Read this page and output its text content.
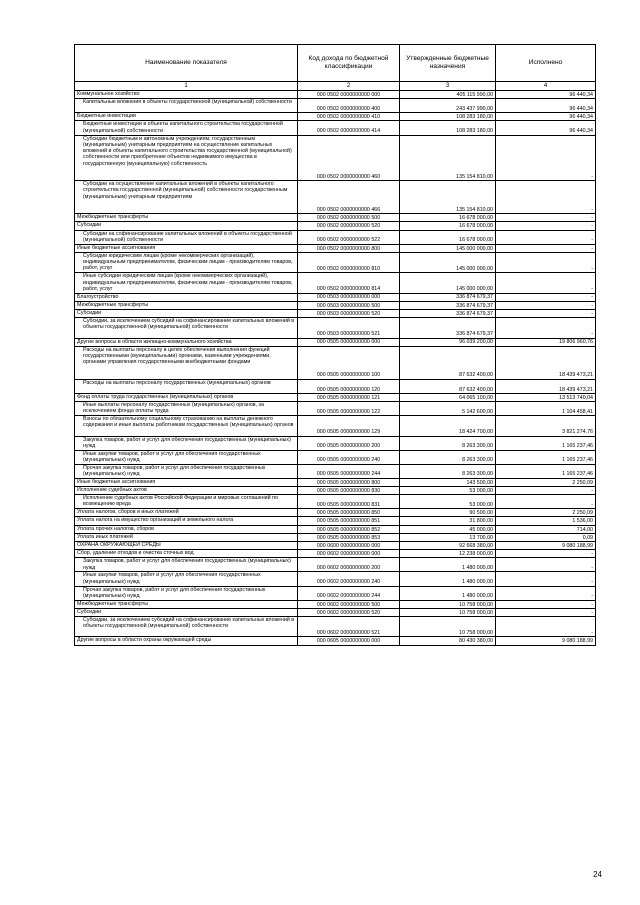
Наименование показателя	Код дохода по бюджетной классификации	Утвержденные бюджетные назначения	Исполнено
1	2	3	4
Коммунальное хозяйство	000 0502 0000000000 000	405 115 990,00	96 440,34
Капитальные вложения в объекты государственной (муниципальной) собственности	000 0502 0000000000 400	243 437 990,00	96 440,34
Бюджетные инвестиции	000 0502 0000000000 410	108 283 180,00	96 440,34
Бюджетные инвестиции в объекты капитального строительства государственной (муниципальной) собственности	000 0502 0000000000 414	108 283 180,00	96 440,34
Субсидии бюджетным и автономным учреждениям, государственным (муниципальным) унитарным предприятиям на осуществление капитальных вложений в объекты капитального строительства государственной (муниципальной) собственности или приобретение объектов недвижимого имущества в государственную (муниципальную) собственность	000 0502 0000000000 460	135 154 810,00	-
Субсидии на осуществление капитальных вложений в объекты капитального строительства государственной (муниципальной) собственности государственным (муниципальным) унитарным предприятиям	000 0502 0000000000 466	135 154 810,00	-
Межбюджетные трансферты	000 0502 0000000000 500	16 678 000,00	-
Субсидии	000 0502 0000000000 520	16 678 000,00	-
Субсидии на софинансирование капитальных вложений в объекты государственной (муниципальной) собственности	000 0502 0000000000 522	16 678 000,00	-
Иные бюджетные ассигнования	000 0502 0000000000 800	145 000 000,00	-
Субсидии юридическим лицам (кроме некоммерческих организаций), индивидуальным предпринимателям, физическим лицам - производителям товаров, работ, услуг	000 0502 0000000000 810	145 000 000,00	-
Иные субсидии юридическим лицам (кроме некоммерческих организаций), индивидуальным предпринимателям, физическим лицам - производителям товаров, работ, услуг	000 0502 0000000000 814	145 000 000,00	-
Благоустройство	000 0503 0000000000 000	336 874 679,37	-
Межбюджетные трансферты	000 0503 0000000000 500	336 874 679,37	-
Субсидии	000 0503 0000000000 520	336 874 679,37	-
Субсидии, за исключением субсидий на софинансирование капитальных вложений в объекты государственной (муниципальной) собственности	000 0503 0000000000 521	336 874 679,37	-
Другие вопросы в области жилищно-коммунального хозяйства	000 0505 0000000000 000	96 039 200,00	19 806 960,76
Расходы на выплаты персоналу в целях обеспечения выполнения функций государственными (муниципальными) органами, казенными учреждениями, органами управления государственными внебюджетными фондами	000 0505 0000000000 100	87 632 400,00	18 439 473,21
Расходы на выплаты персоналу государственных (муниципальных) органов	000 0505 0000000000 120	87 632 400,00	18 439 473,21
Фонд оплаты труда государственных (муниципальных) органов	000 0505 0000000000 121	64 065 100,00	13 513 740,04
Иные выплаты персоналу государственных (муниципальных) органов, за исключением фонда оплаты труда	000 0505 0000000000 122	5 142 600,00	1 104 458,41
Взносы по обязательному социальному страхованию на выплаты денежного содержания и иные выплаты работникам государственных (муниципальных) органов	000 0505 0000000000 129	18 424 700,00	3 821 274,76
Закупка товаров, работ и услуг для обеспечения государственных (муниципальных) нужд	000 0505 0000000000 200	8 263 300,00	1 165 237,46
Иные закупки товаров, работ и услуг для обеспечения государственных (муниципальных) нужд	000 0505 0000000000 240	8 263 300,00	1 165 237,46
Прочая закупка товаров, работ и услуг для обеспечения государственных (муниципальных) нужд	000 0505 0000000000 244	8 263 300,00	1 165 237,46
Иные бюджетные ассигнования	000 0505 0000000000 800	143 500,00	2 250,09
Исполнение судебных актов	000 0505 0000000000 830	53 000,00	-
Исполнение судебных актов Российской Федерации и мировых соглашений по возмещению вреда	000 0505 0000000000 831	53 000,00	-
Уплата налогов, сборов и иных платежей	000 0505 0000000000 850	90 500,00	2 250,09
Уплата налога на имущество организаций и земельного налога	000 0505 0000000000 851	31 800,00	1 536,00
Уплата прочих налогов, сборов	000 0505 0000000000 852	45 000,00	714,00
Уплата иных платежей	000 0505 0000000000 853	13 700,00	0,09
ОХРАНА ОКРУЖАЮЩЕЙ СРЕДЫ	000 0600 0000000000 000	92 668 380,00	9 080 188,99
Сбор, удаление отходов и очистка сточных вод	000 0602 0000000000 000	12 238 000,00	-
Закупка товаров, работ и услуг для обеспечения государственных (муниципальных) нужд	000 0602 0000000000 200	1 480 000,00	-
Иные закупки товаров, работ и услуг для обеспечения государственных (муниципальных) нужд	000 0602 0000000000 240	1 480 000,00	-
Прочая закупка товаров, работ и услуг для обеспечения государственных (муниципальных) нужд	000 0602 0000000000 244	1 480 000,00	-
Межбюджетные трансферты	000 0602 0000000000 500	10 758 000,00	-
Субсидии	000 0602 0000000000 520	10 758 000,00	-
Субсидии, за исключением субсидий на софинансирование капитальных вложений в объекты государственной (муниципальной) собственности	000 0602 0000000000 521	10 758 000,00	-
Другие вопросы в области охраны окружающей среды	000 0605 0000000000 000	80 430 380,00	9 080 188,99
24
